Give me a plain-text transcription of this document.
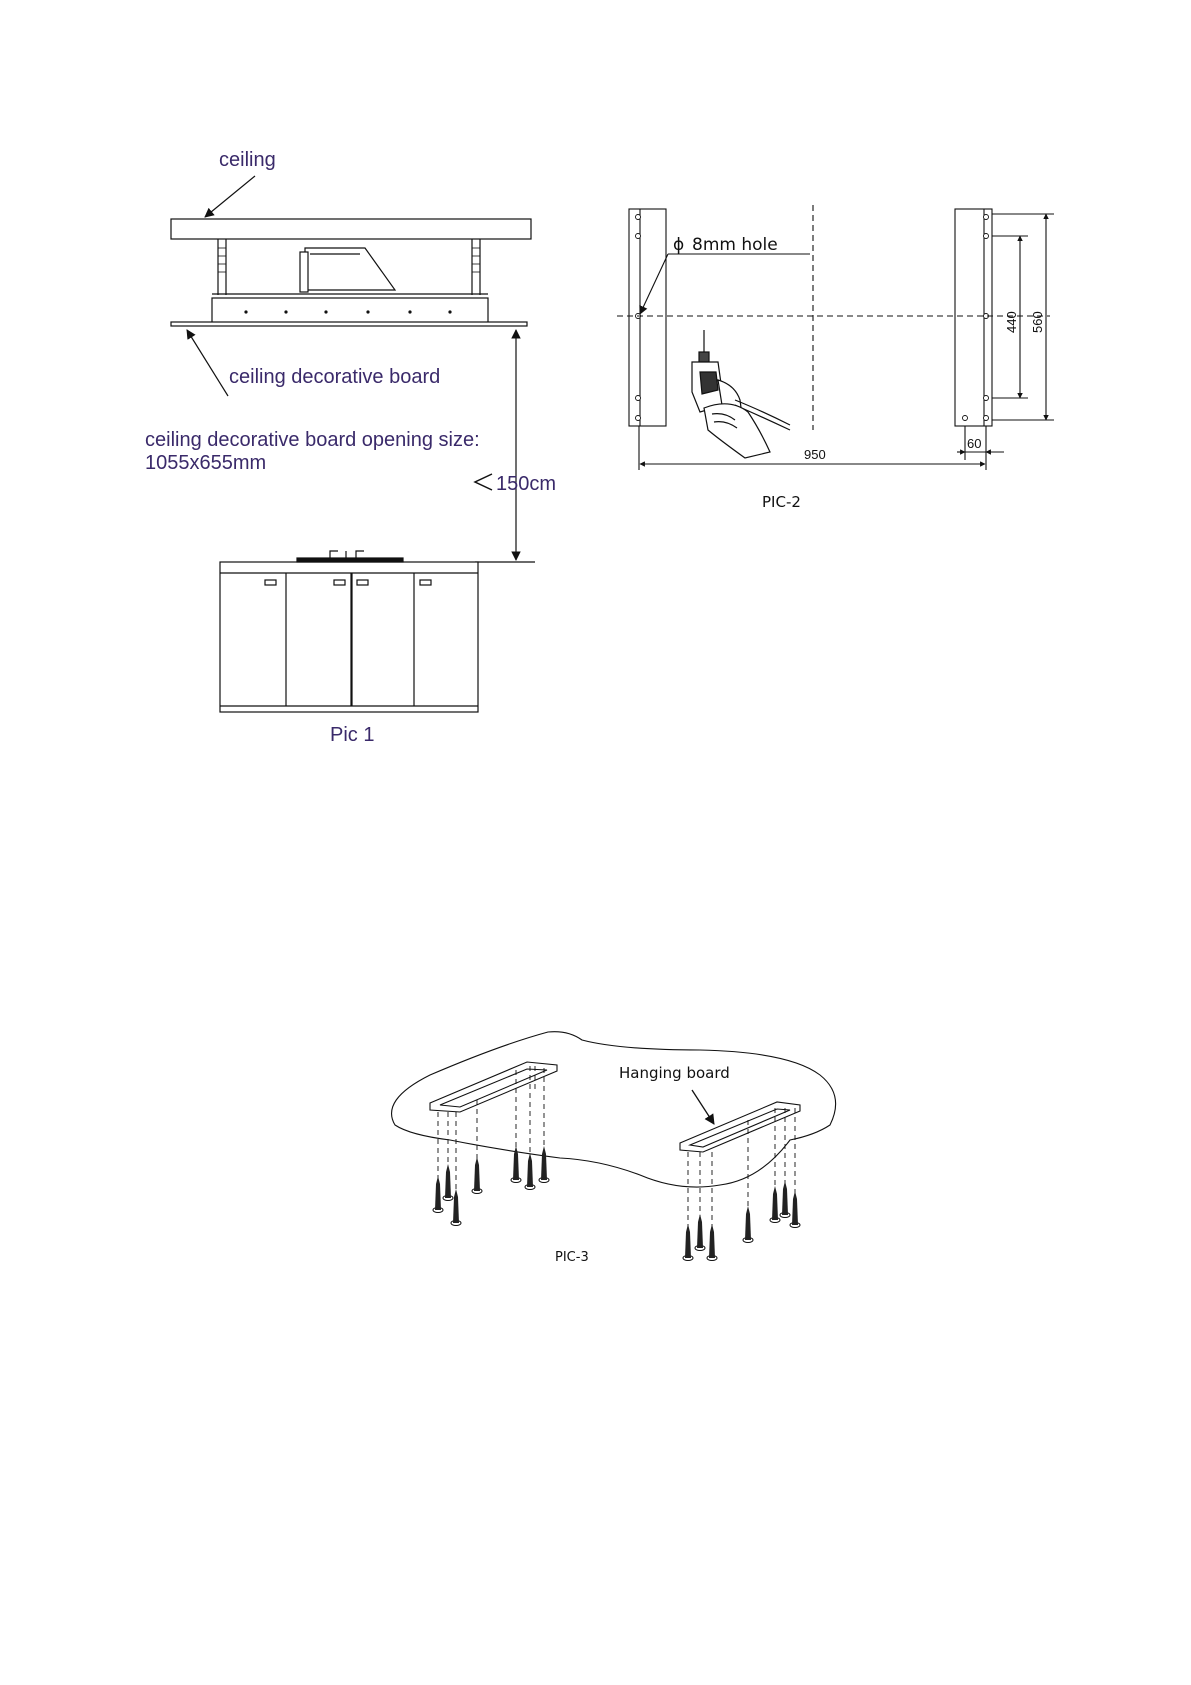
ceiling
ceiling decorative board
ceiling decorative board opening size:
1055x655mm
150cm
Pic 1
ϕ 8mm hole
440 560
60
950
PIC-2
Hanging board
PIC-3
